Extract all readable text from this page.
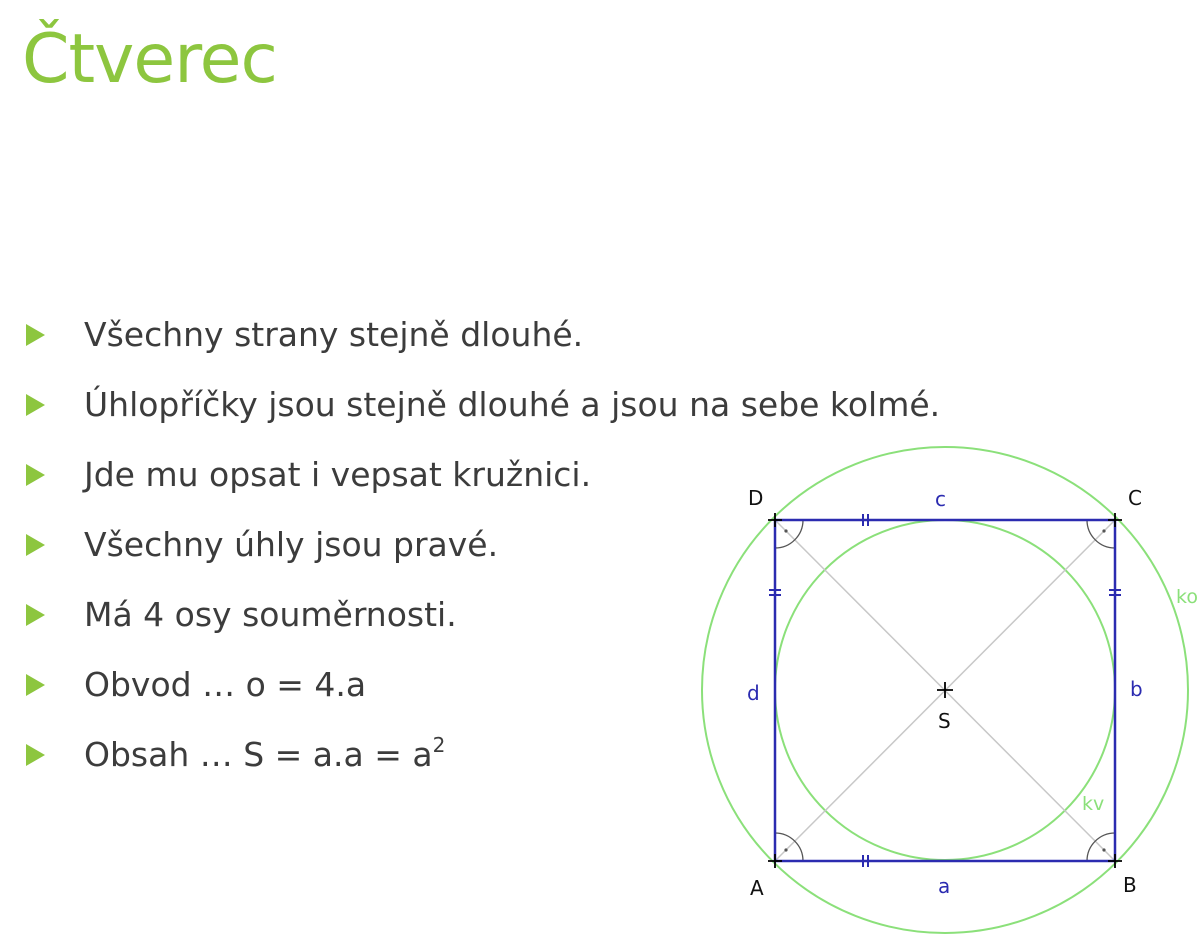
Čtverec
Všechny strany stejně dlouhé.
Úhlopříčky jsou stejně dlouhé a jsou na sebe kolmé.
Jde mu opsat i vepsat kružnici.
Všechny úhly jsou pravé.
Má 4 osy souměrnosti.
Obvod … o = 4.a
Obsah … $S = a.a = a^2$
D	C
A	B
S
c
a
d	b
kv
ko
